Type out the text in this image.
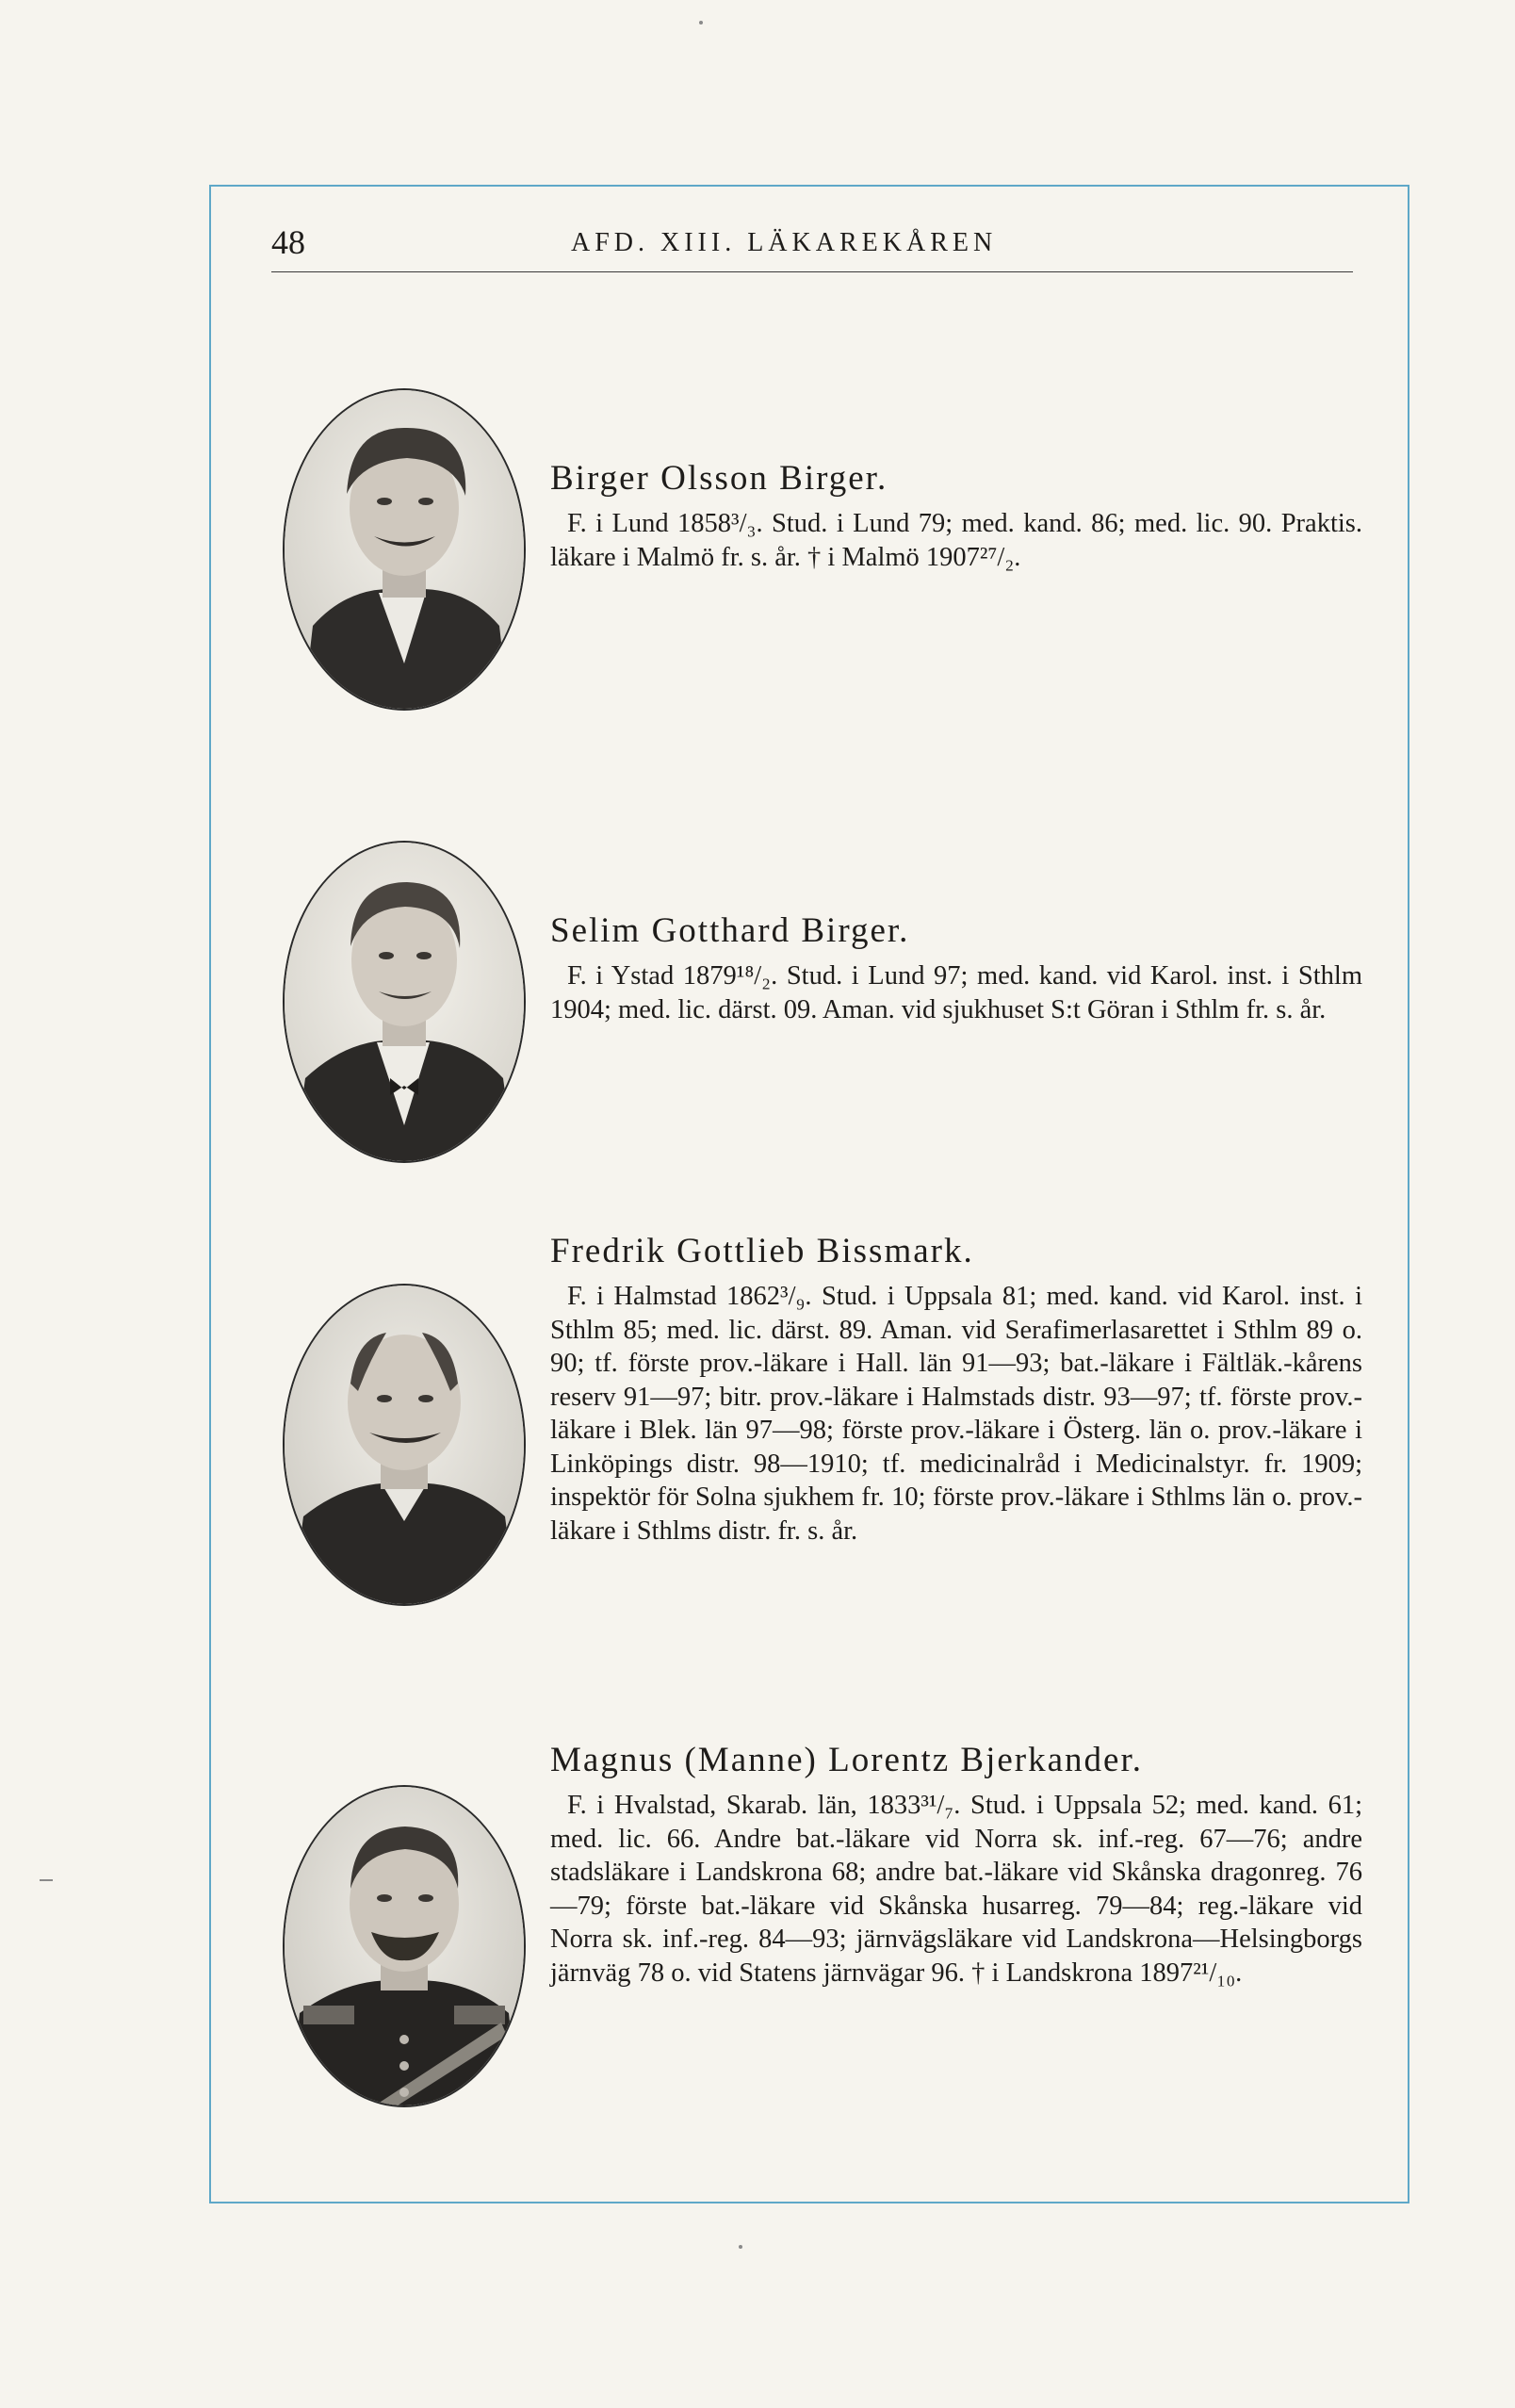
48	AFD. XIII. LÄKAREKÅREN
Birger Olsson Birger.

F. i Lund 1858³/₃. Stud. i Lund 79; med. kand. 86; med. lic. 90. Praktis. läkare i Malmö fr. s. år. † i Malmö 1907²⁷/₂.

Selim Gotthard Birger.

F. i Ystad 1879¹⁸/₂. Stud. i Lund 97; med. kand. vid Karol. inst. i Sthlm 1904; med. lic. därst. 09. Aman. vid sjukhuset S:t Göran i Sthlm fr. s. år.

Fredrik Gottlieb Bissmark.

F. i Halmstad 1862³/₉. Stud. i Uppsala 81; med. kand. vid Karol. inst. i Sthlm 85; med. lic. därst. 89. Aman. vid Serafimerlasarettet i Sthlm 89 o. 90; tf. förste prov.-läkare i Hall. län 91—93; bat.-läkare i Fältläk.-kårens reserv 91—97; bitr. prov.-läkare i Halmstads distr. 93—97; tf. förste prov.-läkare i Blek. län 97—98; förste prov.-läkare i Österg. län o. prov.-läkare i Linköpings distr. 98—1910; tf. medicinalråd i Medicinalstyr. fr. 1909; inspektör för Solna sjukhem fr. 10; förste prov.-läkare i Sthlms län o. prov.-läkare i Sthlms distr. fr. s. år.

Magnus (Manne) Lorentz Bjerkander.

F. i Hvalstad, Skarab. län, 1833³¹/₇. Stud. i Uppsala 52; med. kand. 61; med. lic. 66. Andre bat.-läkare vid Norra sk. inf.-reg. 67—76; andre stadsläkare i Landskrona 68; andre bat.-läkare vid Skånska dragonreg. 76—79; förste bat.-läkare vid Skånska husarreg. 79—84; reg.-läkare vid Norra sk. inf.-reg. 84—93; järnvägsläkare vid Landskrona—Helsingborgs järnväg 78 o. vid Statens järnvägar 96. † i Landskrona 1897²¹/₁₀.
